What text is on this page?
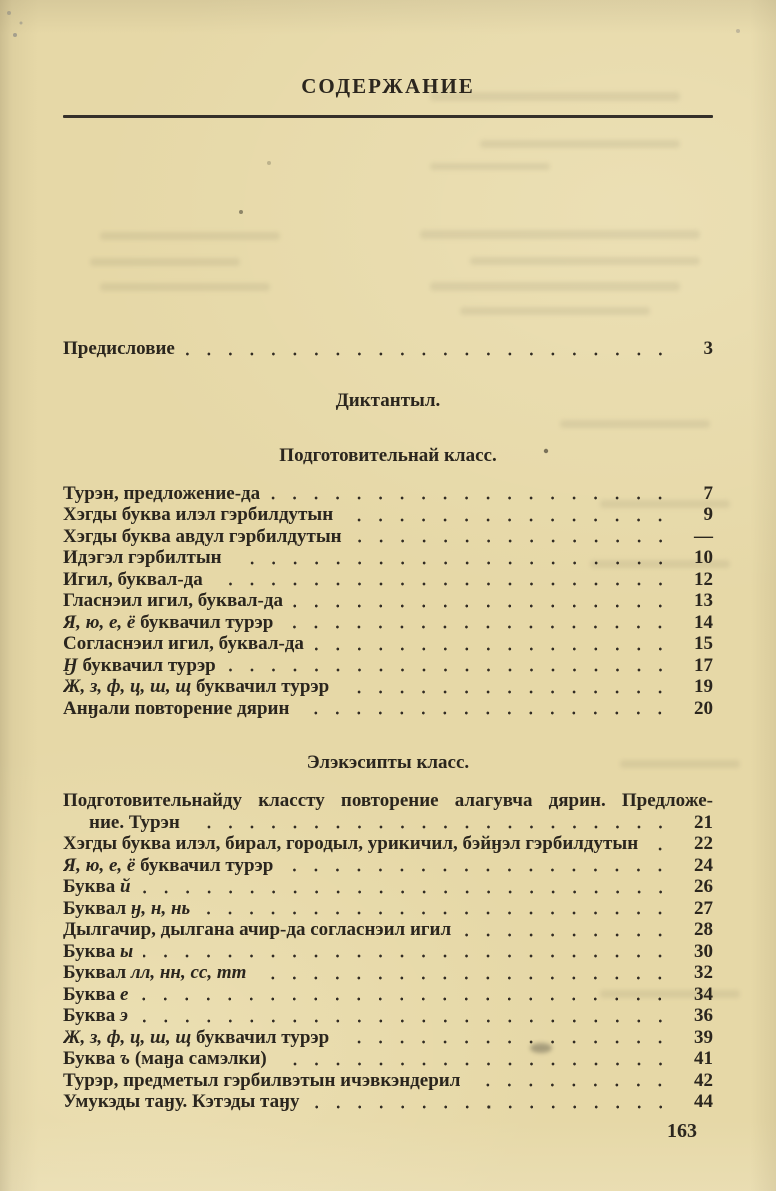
СОДЕРЖАНИЕ
Предисловие	3
Диктантыл.
Подготовительнай класс.
Турэн, предложение-да	7
Хэгды буква илэл гэрбилдутын	9
Хэгды буква авдул гэрбилдутын	—
Идэгэл гэрбилтын	10
Игил, буквал-да	12
Гласнэил игил, буквал-да	13
Я, ю, е, ё буквачил турэр	14
Согласнэил игил, буквал-да	15
Ӈ буквачил турэр	17
Ж, з, ф, ц, ш, щ буквачил турэр	19
Анӈали повторение дярин	20
Элэкэсипты класс.
Подготовительнайду классту повторение алагувча дярин. Предложе-
ние. Турэн	21
Хэгды буква илэл, бирал, городыл, урикичил, бэйӈэл гэрбилдутын	22
Я, ю, е, ё буквачил турэр	24
Буква й	26
Буквал ӈ, н, нь	27
Дылгачир, дылгана ачир-да согласнэил игил	28
Буква ы	30
Буквал лл, нн, сс, тт	32
Буква е	34
Буква э	36
Ж, з, ф, ц, ш, щ буквачил турэр	39
Буква ъ (маӈа самэлки)	41
Турэр, предметыл гэрбилвэтын ичэвкэндерил	42
Умукэды таӈу. Кэтэды таӈу	44
163
